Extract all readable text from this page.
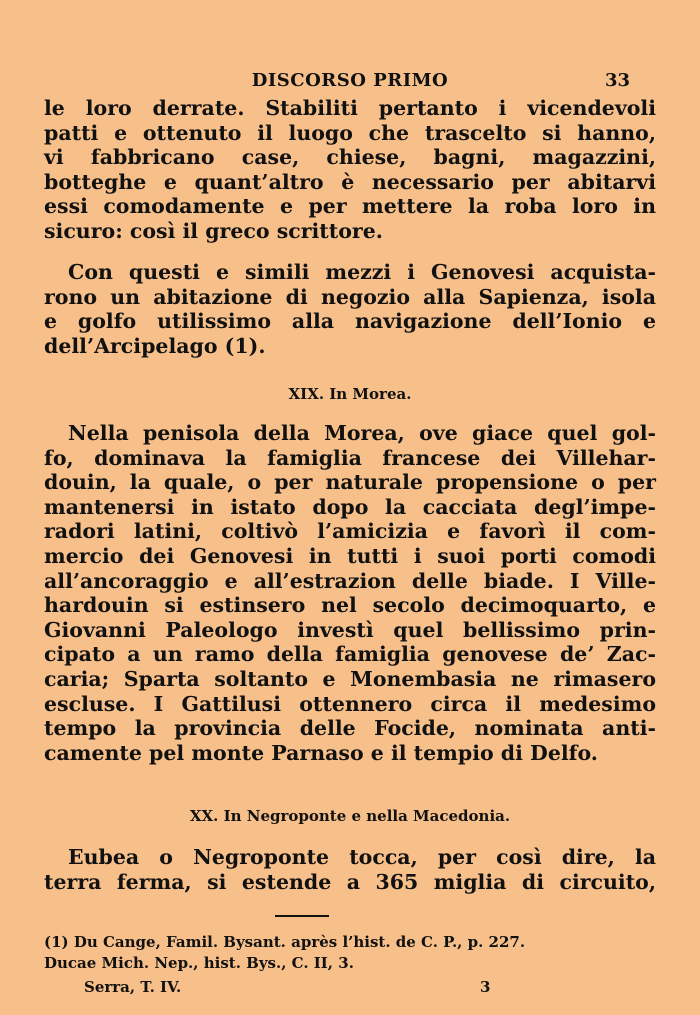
DISCORSO PRIMO	33
le loro derrate. Stabiliti pertanto i vicendevoli
patti e ottenuto il luogo che trascelto si hanno,
vi fabbricano case, chiese, bagni, magazzini,
botteghe e quant’altro è necessario per abitarvi
essi comodamente e per mettere la roba loro in
sicuro: così il greco scrittore.
Con questi e simili mezzi i Genovesi acquista-
rono un abitazione di negozio alla Sapienza, isola
e golfo utilissimo alla navigazione dell’Ionio e
dell’Arcipelago (1).
XIX. In Morea.
Nella penisola della Morea, ove giace quel gol-
fo, dominava la famiglia francese dei Villehar-
douin, la quale, o per naturale propensione o per
mantenersi in istato dopo la cacciata degl’impe-
radori latini, coltivò l’amicizia e favorì il com-
mercio dei Genovesi in tutti i suoi porti comodi
all’ancoraggio e all’estrazion delle biade. I Ville-
hardouin si estinsero nel secolo decimoquarto, e
Giovanni Paleologo investì quel bellissimo prin-
cipato a un ramo della famiglia genovese de’ Zac-
caria; Sparta soltanto e Monembasia ne rimasero
escluse. I Gattilusi ottennero circa il medesimo
tempo la provincia delle Focide, nominata anti-
camente pel monte Parnaso e il tempio di Delfo.
XX. In Negroponte e nella Macedonia.
Eubea o Negroponte tocca, per così dire, la
terra ferma, si estende a 365 miglia di circuito,
(1) Du Cange, Famil. Bysant. après l’hist. de C. P., p. 227.
Ducae Mich. Nep., hist. Bys., C. II, 3.
Serra, T. IV.	3
